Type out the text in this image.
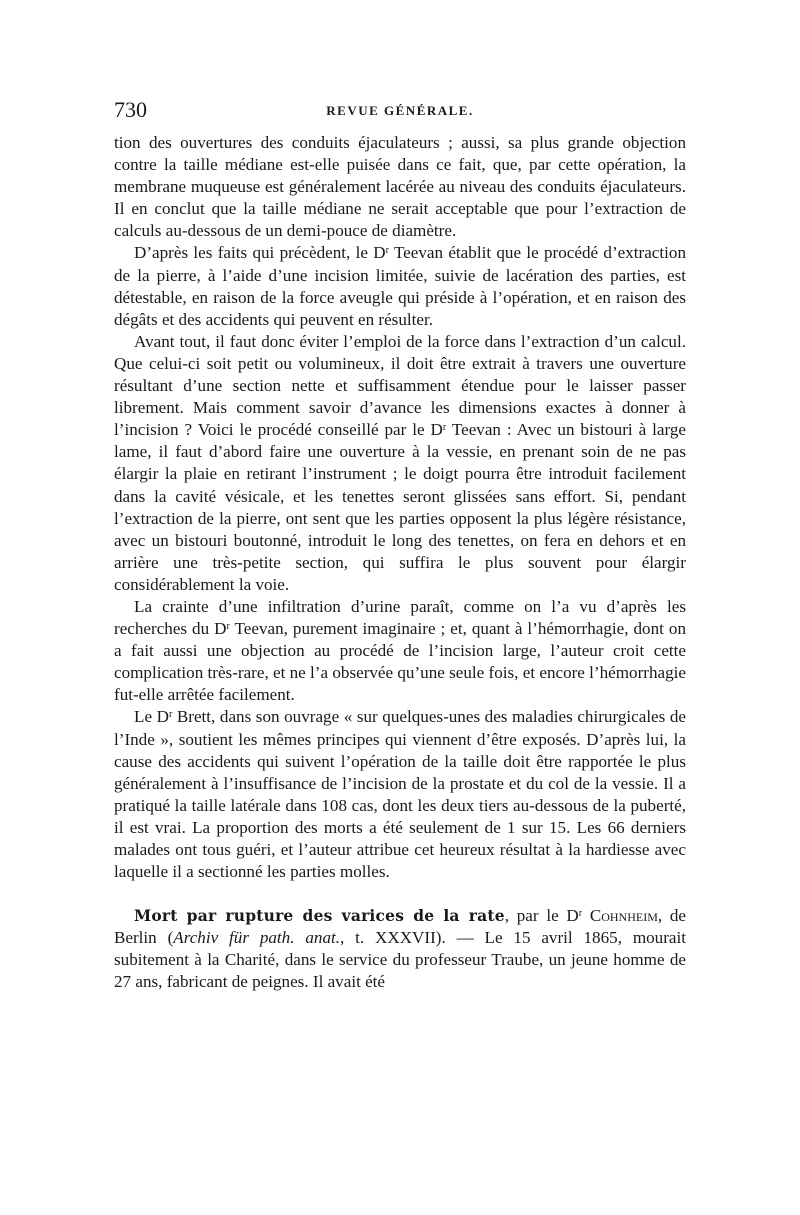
730	REVUE GÉNÉRALE.

tion des ouvertures des conduits éjaculateurs ; aussi, sa plus grande objection contre la taille médiane est-elle puisée dans ce fait, que, par cette opération, la membrane muqueuse est généralement lacérée au niveau des conduits éjaculateurs. Il en conclut que la taille médiane ne serait acceptable que pour l’extraction de calculs au-dessous de un demi-pouce de diamètre.

D’après les faits qui précèdent, le $D^r$ Teevan établit que le procédé d’extraction de la pierre, à l’aide d’une incision limitée, suivie de lacération des parties, est détestable, en raison de la force aveugle qui préside à l’opération, et en raison des dégâts et des accidents qui peuvent en résulter.

Avant tout, il faut donc éviter l’emploi de la force dans l’extraction d’un calcul. Que celui-ci soit petit ou volumineux, il doit être extrait à travers une ouverture résultant d’une section nette et suffisamment étendue pour le laisser passer librement. Mais comment savoir d’avance les dimensions exactes à donner à l’incision ? Voici le procédé conseillé par le $D^r$ Teevan : Avec un bistouri à large lame, il faut d’abord faire une ouverture à la vessie, en prenant soin de ne pas élargir la plaie en retirant l’instrument ; le doigt pourra être introduit facilement dans la cavité vésicale, et les tenettes seront glissées sans effort. Si, pendant l’extraction de la pierre, ont sent que les parties opposent la plus légère résistance, avec un bistouri boutonné, introduit le long des tenettes, on fera en dehors et en arrière une très-petite section, qui suffira le plus souvent pour élargir considérablement la voie.

La crainte d’une infiltration d’urine paraît, comme on l’a vu d’après les recherches du $D^r$ Teevan, purement imaginaire ; et, quant à l’hémorrhagie, dont on a fait aussi une objection au procédé de l’incision large, l’auteur croit cette complication très-rare, et ne l’a observée qu’une seule fois, et encore l’hémorrhagie fut-elle arrêtée facilement.

Le $D^r$ Brett, dans son ouvrage « sur quelques-unes des maladies chirurgicales de l’Inde », soutient les mêmes principes qui viennent d’être exposés. D’après lui, la cause des accidents qui suivent l’opération de la taille doit être rapportée le plus généralement à l’insuffisance de l’incision de la prostate et du col de la vessie. Il a pratiqué la taille latérale dans 108 cas, dont les deux tiers au-dessous de la puberté, il est vrai. La proportion des morts a été seulement de 1 sur 15. Les 66 derniers malades ont tous guéri, et l’auteur attribue cet heureux résultat à la hardiesse avec laquelle il a sectionné les parties molles.

Mort par rupture des varices de la rate, par le $D^r$ Cohnheim, de Berlin (Archiv für path. anat., t. XXXVII). — Le 15 avril 1865, mourait subitement à la Charité, dans le service du professeur Traube, un jeune homme de 27 ans, fabricant de peignes. Il avait été
